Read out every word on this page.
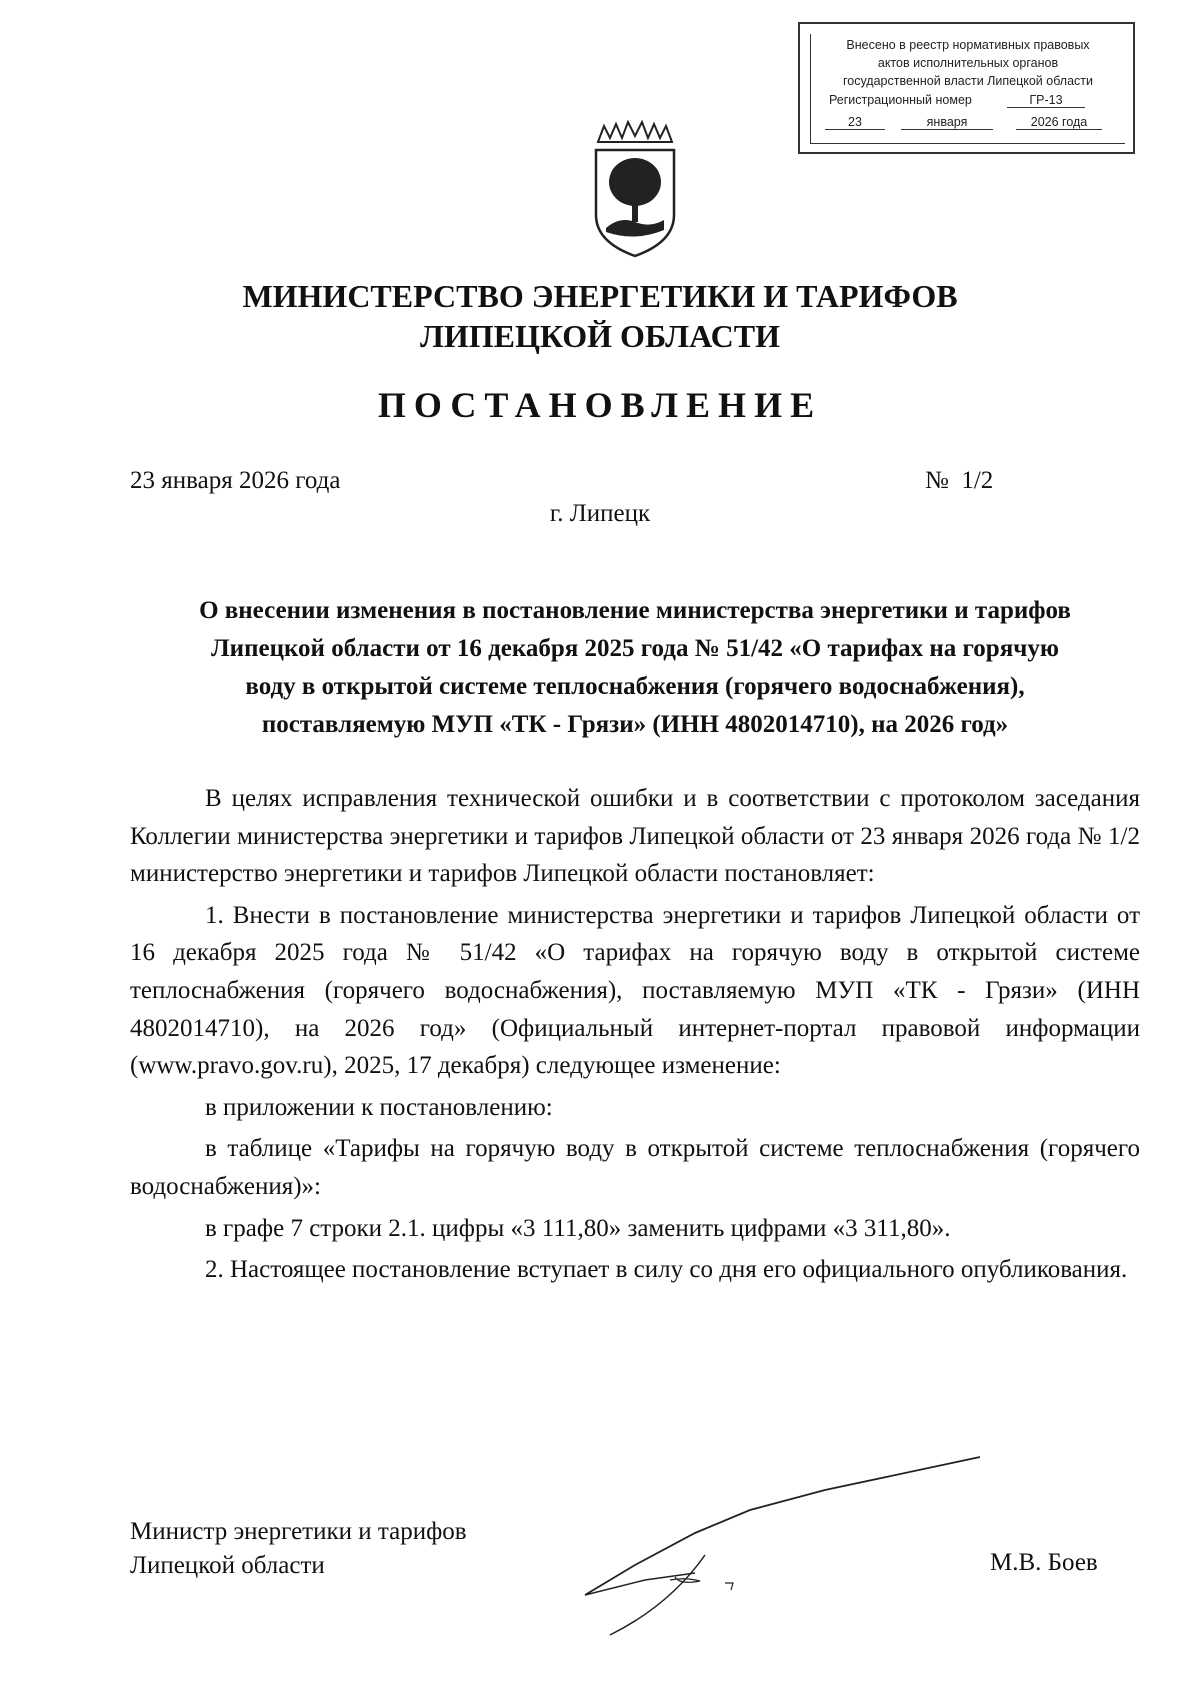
Внесено в реестр нормативных правовых
актов исполнительных органов
государственной власти Липецкой области
Регистрационный номер	ГР-13
23	января	2026 года
МИНИСТЕРСТВО ЭНЕРГЕТИКИ И ТАРИФОВ
ЛИПЕЦКОЙ ОБЛАСТИ
ПОСТАНОВЛЕНИЕ
23 января 2026 года	№  1/2
г. Липецк
О внесении изменения в постановление министерства энергетики и тарифов
Липецкой области от 16 декабря 2025 года № 51/42 «О тарифах на горячую
воду в открытой системе теплоснабжения (горячего водоснабжения),
поставляемую МУП «ТК - Грязи» (ИНН 4802014710), на 2026 год»

В целях исправления технической ошибки и в соответствии с протоколом заседания Коллегии министерства энергетики и тарифов Липецкой области от 23 января 2026 года № 1/2 министерство энергетики и тарифов Липецкой области постановляет:

1. Внести в постановление министерства энергетики и тарифов Липецкой области от 16 декабря 2025 года № 51/42 «О тарифах на горячую воду в открытой системе теплоснабжения (горячего водоснабжения), поставляемую МУП «ТК - Грязи» (ИНН 4802014710), на 2026 год» (Официальный интернет-портал правовой информации (www.pravo.gov.ru), 2025, 17 декабря) следующее изменение:

в приложении к постановлению:

в таблице «Тарифы на горячую воду в открытой системе теплоснабжения (горячего водоснабжения)»:

в графе 7 строки 2.1. цифры «3 111,80» заменить цифрами «3 311,80».

2. Настоящее постановление вступает в силу со дня его официального опубликования.

Министр энергетики и тарифов
Липецкой области	М.В. Боев
